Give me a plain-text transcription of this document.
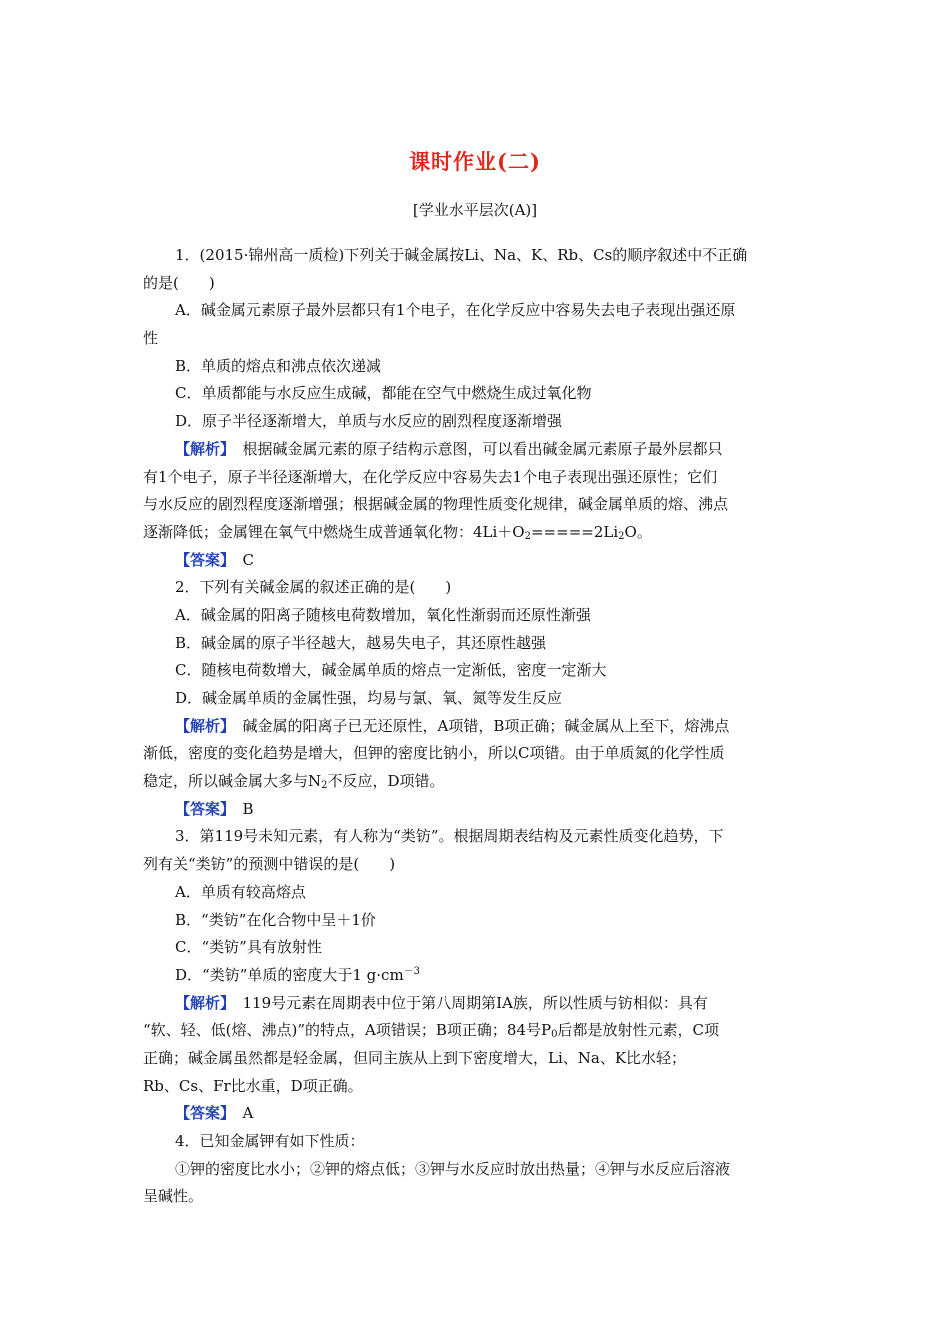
课时作业(二)
[学业水平层次(A)]
1．(2015·锦州高一质检)下列关于碱金属按Li、Na、K、Rb、Cs的顺序叙述中不正确
的是(　　)
A．碱金属元素原子最外层都只有1个电子，在化学反应中容易失去电子表现出强还原
性
B．单质的熔点和沸点依次递减
C．单质都能与水反应生成碱，都能在空气中燃烧生成过氧化物
D．原子半径逐渐增大，单质与水反应的剧烈程度逐渐增强
【解析】　根据碱金属元素的原子结构示意图，可以看出碱金属元素原子最外层都只
有1个电子，原子半径逐渐增大，在化学反应中容易失去1个电子表现出强还原性；它们
与水反应的剧烈程度逐渐增强；根据碱金属的物理性质变化规律，碱金属单质的熔、沸点
逐渐降低；金属锂在氧气中燃烧生成普通氧化物：$4Li+O_2=====2Li_2O$。
【答案】　C
2．下列有关碱金属的叙述正确的是(　　)
A．碱金属的阳离子随核电荷数增加，氧化性渐弱而还原性渐强
B．碱金属的原子半径越大，越易失电子，其还原性越强
C．随核电荷数增大，碱金属单质的熔点一定渐低，密度一定渐大
D．碱金属单质的金属性强，均易与氯、氧、氮等发生反应
【解析】　碱金属的阳离子已无还原性，A项错，B项正确；碱金属从上至下，熔沸点
渐低，密度的变化趋势是增大，但钾的密度比钠小，所以C项错。由于单质氮的化学性质
稳定，所以碱金属大多与$N_2$不反应，D项错。
【答案】　B
3．第119号未知元素，有人称为“类钫”。根据周期表结构及元素性质变化趋势，下
列有关“类钫”的预测中错误的是(　　)
A．单质有较高熔点
B．“类钫”在化合物中呈＋1价
C．“类钫”具有放射性
D．“类钫”单质的密度大于1 $g\cdot cm^{-3}$
【解析】　119号元素在周期表中位于第八周期第ⅠA族，所以性质与钫相似：具有
“软、轻、低(熔、沸点)”的特点，A项错误；B项正确；84号$P_0$后都是放射性元素，C项
正确；碱金属虽然都是轻金属，但同主族从上到下密度增大，Li、Na、K比水轻；
Rb、Cs、Fr比水重，D项正确。
【答案】　A
4．已知金属钾有如下性质：
①钾的密度比水小；②钾的熔点低；③钾与水反应时放出热量；④钾与水反应后溶液
呈碱性。
